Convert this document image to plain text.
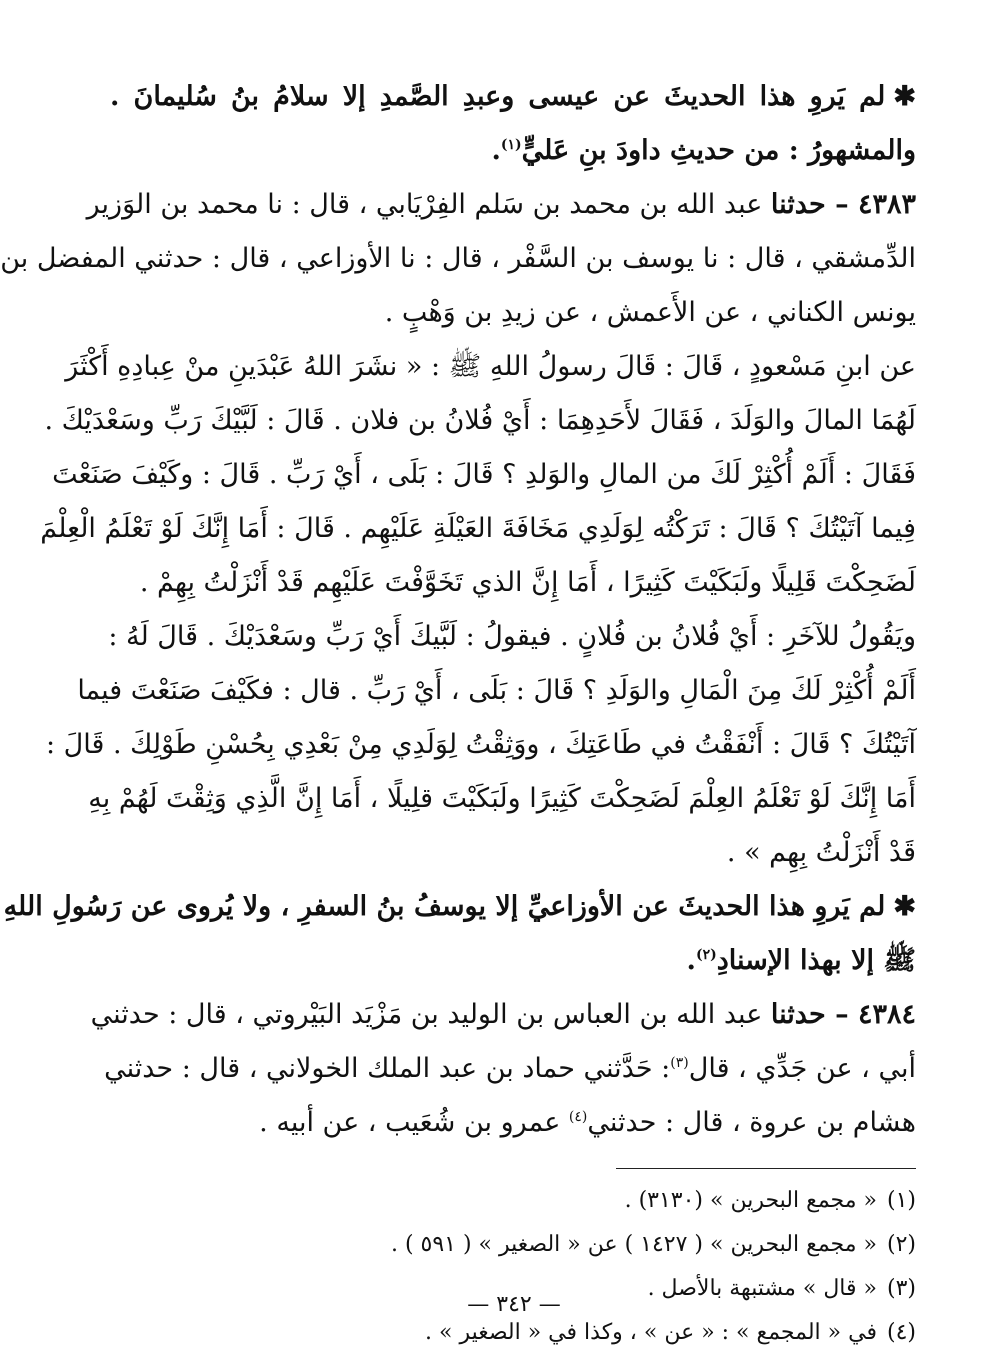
✱لم يَروِ هذا الحديثَ عن عيسى وعبدِ الصَّمدِ إلا سلامُ بنُ سُليمانَ .
والمشهورُ : من حديثِ داودَ بنِ عَليٍّ$^{(١)}$.
٤٣٨٣ – حدثنا عبد الله بن محمد بن سَلم الفِرْيَابي ، قال : نا محمد بن الوَزير
الدِّمشقي ، قال : نا يوسف بن السَّفْر ، قال : نا الأوزاعي ، قال : حدثني المفضل بن
يونس الكناني ، عن الأَعمش ، عن زيدِ بن وَهْبٍ .
عن ابنِ مَسْعودٍ ، قَالَ : قَالَ رسولُ اللهِ ﷺ : « نشَرَ اللهُ عَبْدَينِ منْ عِبادِهِ أَكْثَرَ
لَهُمَا المالَ والوَلَدَ ، فَقَالَ لأَحَدِهِمَا : أَيْ فُلانُ بن فلان . قَالَ : لَبَّيْكَ رَبِّ وسَعْدَيْكَ .
فَقَالَ : أَلَمْ أُكْثِرْ لَكَ من المالِ والوَلدِ ؟ قَالَ : بَلَى ، أَيْ رَبِّ . قَالَ : وكَيْفَ صَنَعْتَ
فِيما آتَيْتُكَ ؟ قَالَ : تَرَكْتُه لِوَلَدِي مَخَافَةَ العَيْلَةِ عَلَيْهِم . قَالَ : أَمَا إِنَّكَ لَوْ تَعْلَمُ الْعِلْمَ
لَضَحِكْتَ قَلِيلًا ولَبَكَيْتَ كَثِيرًا ، أَمَا إِنَّ الذي تَخَوَّفْتَ عَلَيْهِم قَدْ أَنْزَلْتُ بِهِمْ .
ويَقُولُ للآخَرِ : أَيْ فُلانُ بن فُلانٍ . فيقولُ : لَبَّيكَ أَيْ رَبِّ وسَعْدَيْكَ . قَالَ لَهُ :
أَلَمْ أُكْثِرْ لَكَ مِنَ الْمَالِ والوَلَدِ ؟ قَالَ : بَلَى ، أَيْ رَبِّ . قال : فكَيْفَ صَنَعْتَ فيما
آتَيْتُكَ ؟ قَالَ : أَنْفَقْتُ في طَاعَتِكَ ، ووَثِقْتُ لِوَلَدِي مِنْ بَعْدِي بِحُسْنِ طَوْلِكَ . قَالَ :
أَمَا إِنَّكَ لَوْ تَعْلَمُ العِلْمَ لَضَحِكْتَ كَثِيرًا ولَبَكَيْتَ قلِيلًا ، أَمَا إِنَّ الَّذِي وَثِقْتَ لَهُمْ بِهِ
قَدْ أَنْزَلْتُ بِهِم » .
✱لم يَروِ هذا الحديثَ عن الأوزاعيِّ إلا يوسفُ بنُ السفرِ ، ولا يُروى عن رَسُولِ اللهِ
ﷺ إلا بهذا الإسنادِ$^{(٢)}$.
٤٣٨٤ – حدثنا عبد الله بن العباس بن الوليد بن مَزْيَد البَيْروتي ، قال : حدثني
أبي ، عن جَدِّي ، قال$^{(٣)}$: حَدَّثني حماد بن عبد الملك الخولاني ، قال : حدثني
هشام بن عروة ، قال : حدثني$^{(٤)}$ عمرو بن شُعَيب ، عن أبيه .
(١)« مجمع البحرين » (٣١٣٠) .
(٢)« مجمع البحرين » ( ١٤٢٧ ) عن « الصغير » ( ٥٩١ ) .
(٣)« قال » مشتبهة بالأصل .
(٤)في « المجمع » : « عن » ، وكذا في « الصغير » .
— ٣٤٢ —
